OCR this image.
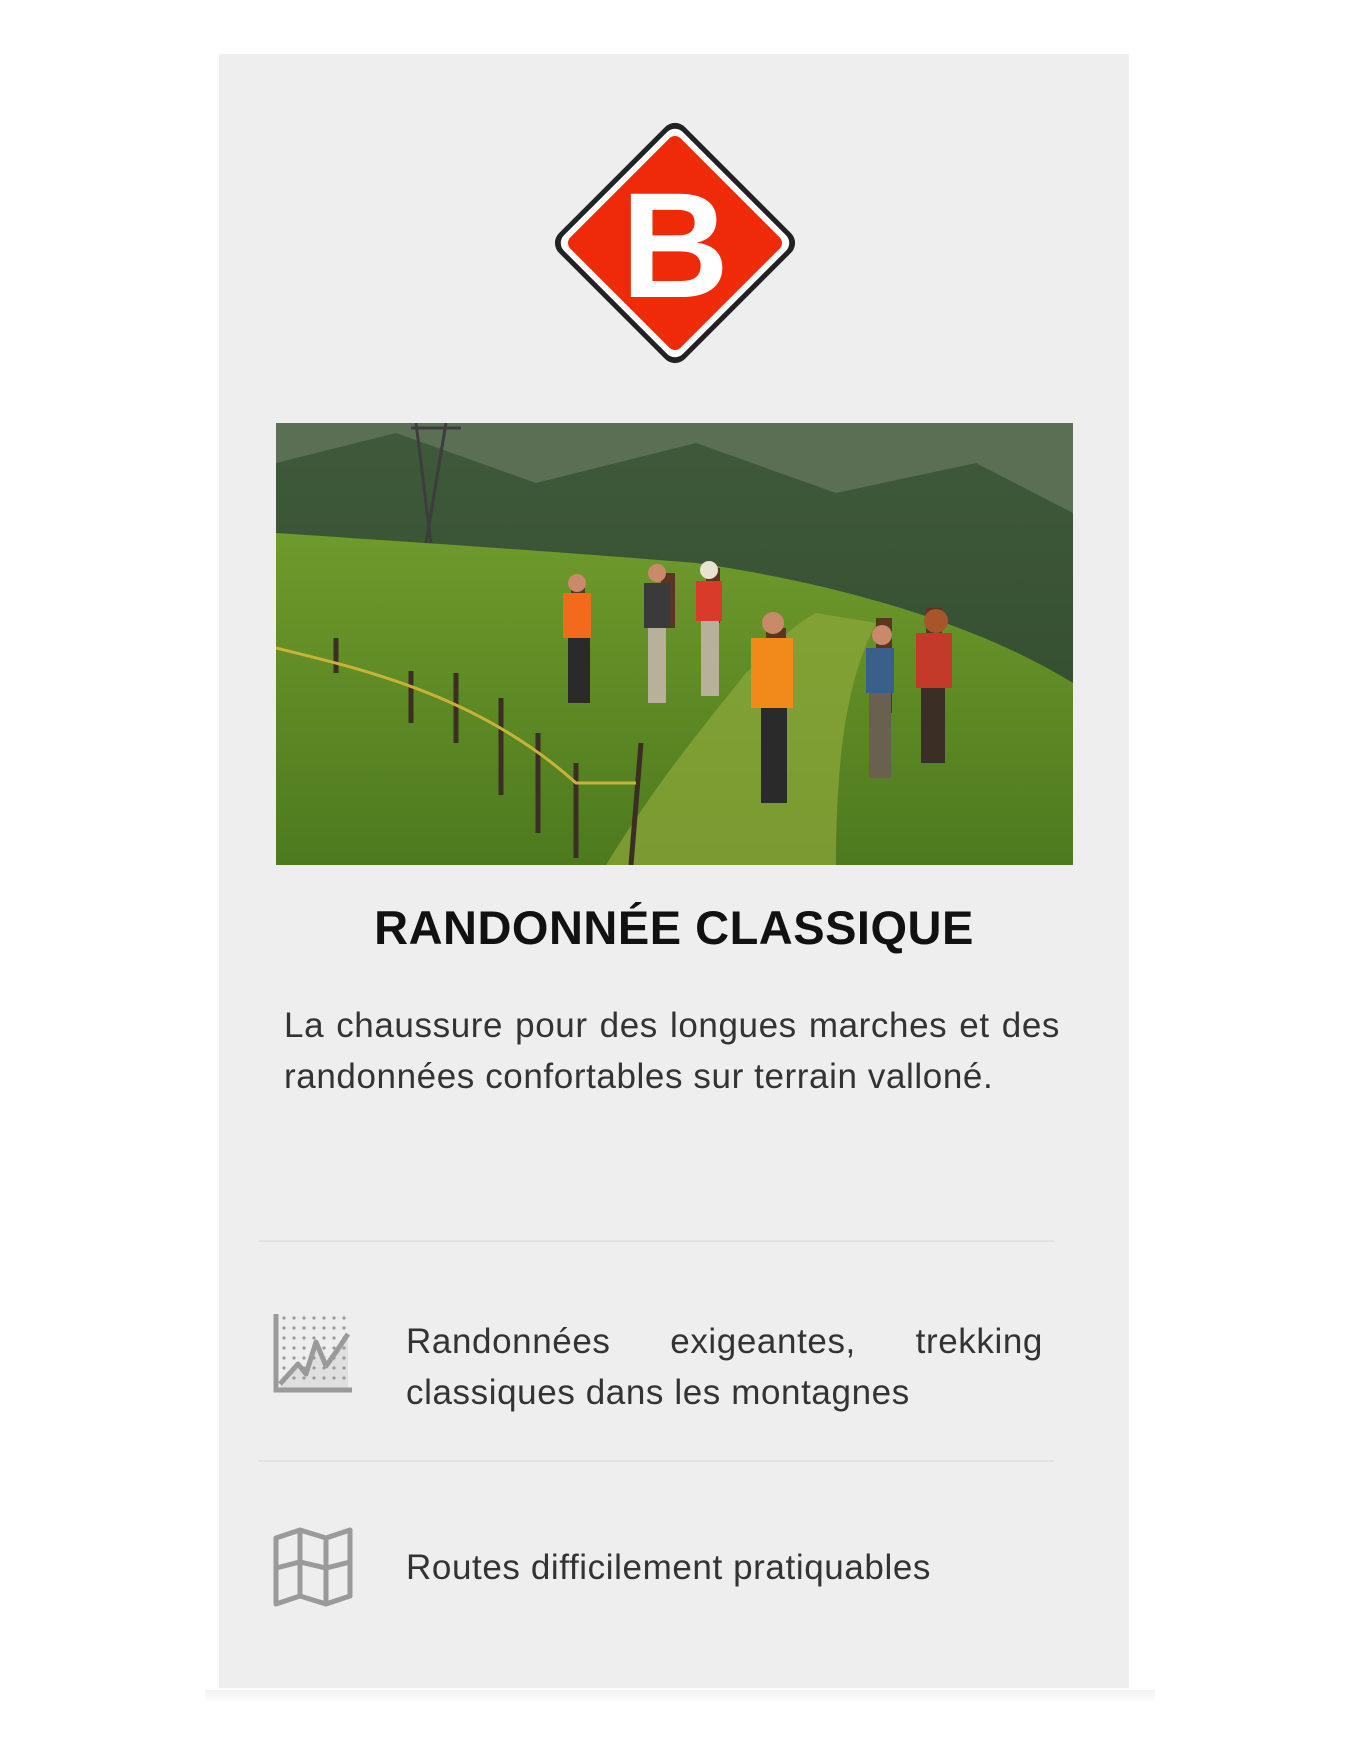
B
RANDONNÉE CLASSIQUE
La chaussure pour des longues marches et des randonnées confortables sur terrain valloné.
Randonnées exigeantes, trekking classiques dans les montagnes
Routes difficilement pratiquables
